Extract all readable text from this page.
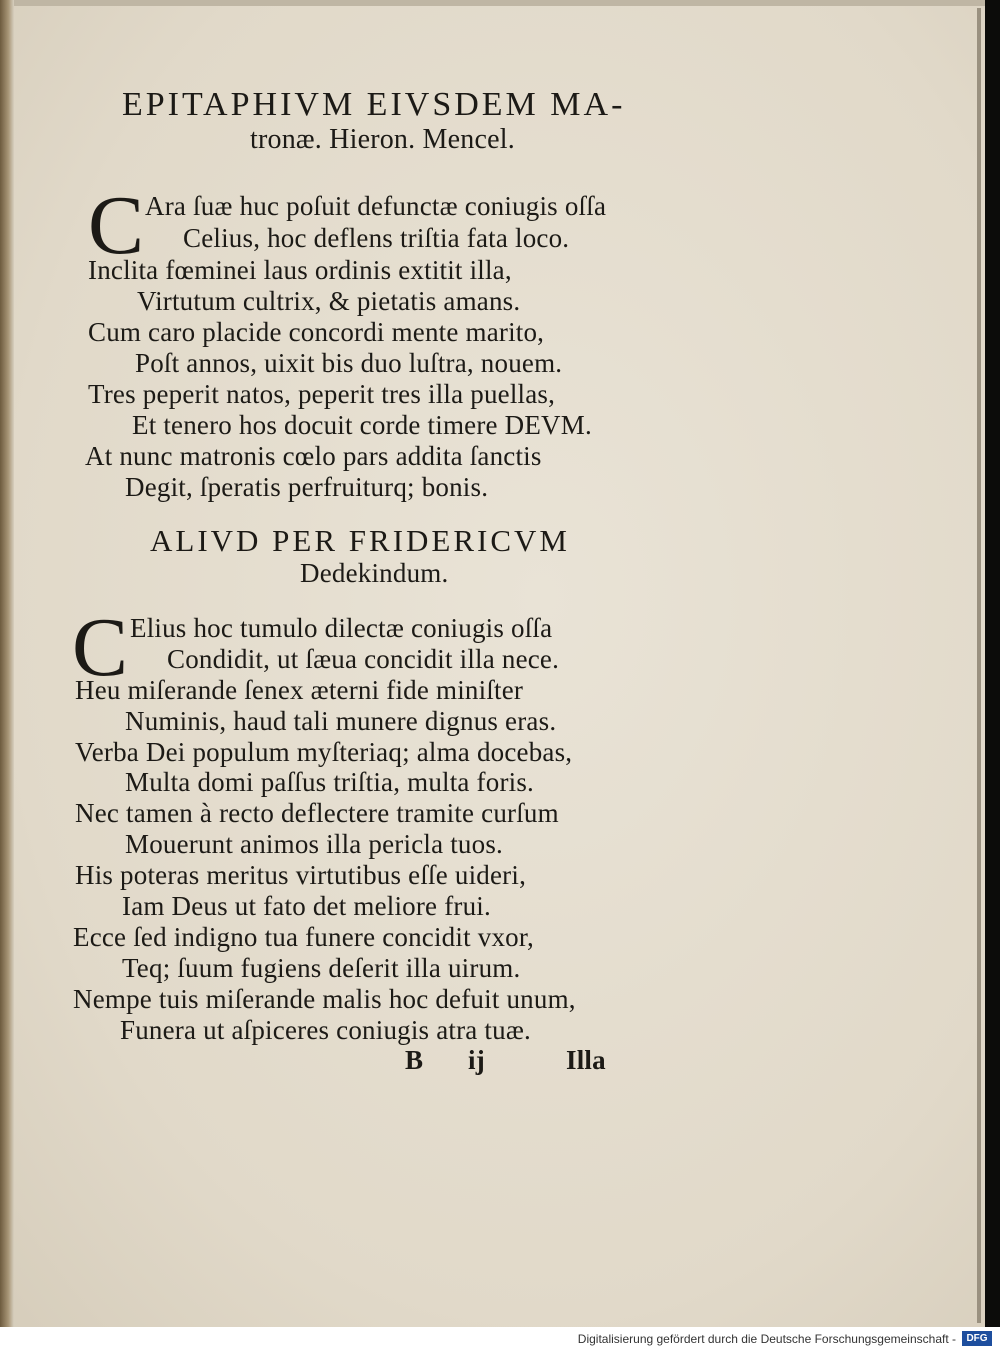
EPITAPHIVM EIVSDEM MA-
tronæ. Hieron. Mencel.
C Ara ſuæ huc poſuit defunctæ coniugis oſſa
Celius, hoc deflens triſtia fata loco.
Inclita fœminei laus ordinis extitit illa,
Virtutum cultrix, & pietatis amans.
Cum caro placide concordi mente marito,
Poſt annos, uixit bis duo luſtra, nouem.
Tres peperit natos, peperit tres illa puellas,
Et tenero hos docuit corde timere DEVM.
At nunc matronis cœlo pars addita ſanctis
Degit, ſperatis perfruiturq; bonis.
ALIVD PER FRIDERICVM
Dedekindum.
C Elius hoc tumulo dilectæ coniugis oſſa
Condidit, ut ſæua concidit illa nece.
Heu miſerande ſenex æterni fide miniſter
Numinis, haud tali munere dignus eras.
Verba Dei populum myſteriaq; alma docebas,
Multa domi paſſus triſtia, multa foris.
Nec tamen à recto deflectere tramite curſum
Mouerunt animos illa pericla tuos.
His poteras meritus virtutibus eſſe uideri,
Iam Deus ut fato det meliore frui.
Ecce ſed indigno tua funere concidit vxor,
Teq; ſuum fugiens deſerit illa uirum.
Nempe tuis miſerande malis hoc defuit unum,
Funera ut aſpiceres coniugis atra tuæ.
B ij	Illa
Digitalisierung gefördert durch die Deutsche Forschungsgemeinschaft -	DFG
